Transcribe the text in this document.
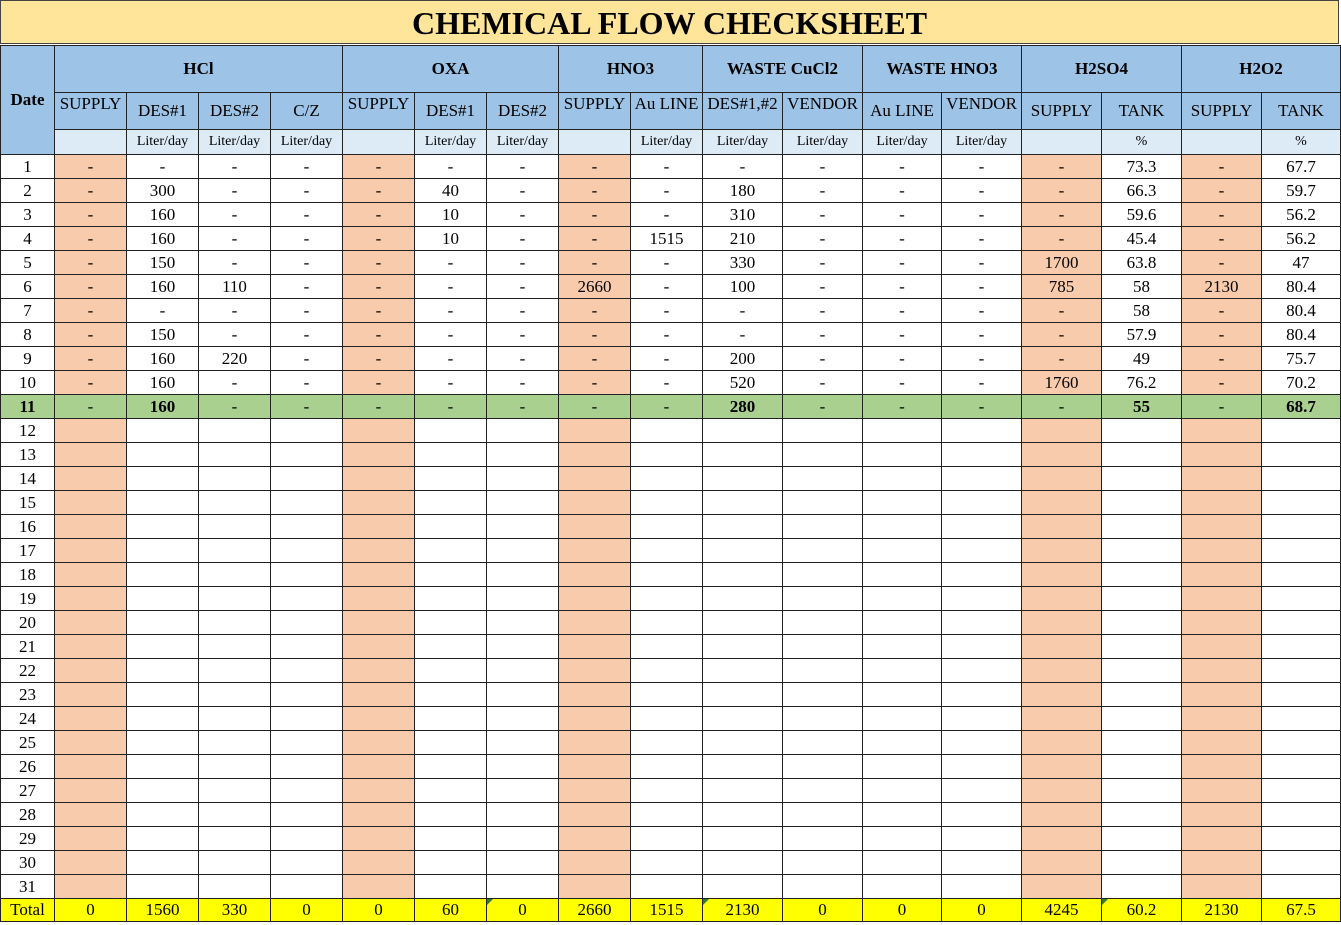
CHEMICAL FLOW CHECKSHEET
Date	HCl				OXA			HNO3		WASTE CuCl2		WASTE HNO3		H2SO4		H2O2	
	SUPPLY	DES#1	DES#2	C/Z	SUPPLY	DES#1	DES#2	SUPPLY	Au LINE	DES#1,#2	VENDOR	Au LINE	VENDOR	SUPPLY	TANK	SUPPLY	TANK
		Liter/day	Liter/day	Liter/day		Liter/day	Liter/day		Liter/day	Liter/day	Liter/day	Liter/day	Liter/day		%		%
1	-	-	-	-	-	-	-	-	-	-	-	-	-	-	73.3	-	67.7
2	-	300	-	-	-	40	-	-	-	180	-	-	-	-	66.3	-	59.7
3	-	160	-	-	-	10	-	-	-	310	-	-	-	-	59.6	-	56.2
4	-	160	-	-	-	10	-	-	1515	210	-	-	-	-	45.4	-	56.2
5	-	150	-	-	-	-	-	-	-	330	-	-	-	1700	63.8	-	47
6	-	160	110	-	-	-	-	2660	-	100	-	-	-	785	58	2130	80.4
7	-	-	-	-	-	-	-	-	-	-	-	-	-	-	58	-	80.4
8	-	150	-	-	-	-	-	-	-	-	-	-	-	-	57.9	-	80.4
9	-	160	220	-	-	-	-	-	-	200	-	-	-	-	49	-	75.7
10	-	160	-	-	-	-	-	-	-	520	-	-	-	1760	76.2	-	70.2
11	-	160	-	-	-	-	-	-	-	280	-	-	-	-	55	-	68.7
12																	
13																	
14																	
15																	
16																	
17																	
18																	
19																	
20																	
21																	
22																	
23																	
24																	
25																	
26																	
27																	
28																	
29																	
30																	
31																	
Total	0	1560	330	0	0	60	0	2660	1515	2130	0	0	0	4245	60.2	2130	67.5
